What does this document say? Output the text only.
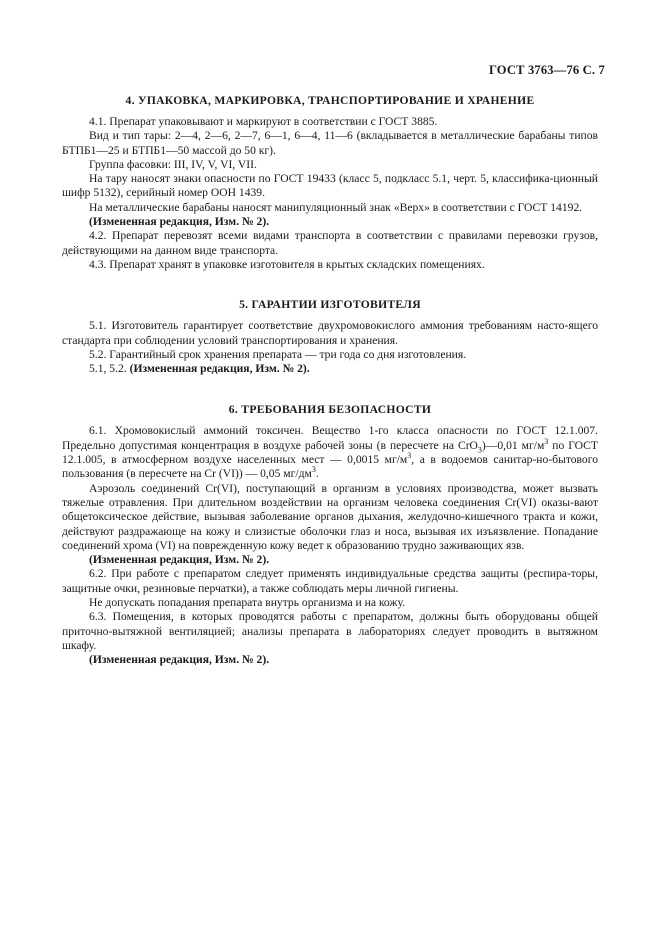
ГОСТ 3763—76 С. 7
4. УПАКОВКА, МАРКИРОВКА, ТРАНСПОРТИРОВАНИЕ И ХРАНЕНИЕ

4.1. Препарат упаковывают и маркируют в соответствии с ГОСТ 3885.

Вид и тип тары: 2—4, 2—6, 2—7, 6—1, 6—4, 11—6 (вкладывается в металлические барабаны типов БТПБ1—25 и БТПБ1—50 массой до 50 кг).

Группа фасовки: III, IV, V, VI, VII.

На тару наносят знаки опасности по ГОСТ 19433 (класс 5, подкласс 5.1, черт. 5, классифика-ционный шифр 5132), серийный номер ООН 1439.

На металлические барабаны наносят манипуляционный знак «Верх» в соответствии с ГОСТ 14192.

(Измененная редакция, Изм. № 2).

4.2. Препарат перевозят всеми видами транспорта в соответствии с правилами перевозки грузов, действующими на данном виде транспорта.

4.3. Препарат хранят в упаковке изготовителя в крытых складских помещениях.

5. ГАРАНТИИ ИЗГОТОВИТЕЛЯ

5.1. Изготовитель гарантирует соответствие двухромовокислого аммония требованиям насто-ящего стандарта при соблюдении условий транспортирования и хранения.

5.2. Гарантийный срок хранения препарата — три года со дня изготовления.

5.1, 5.2. (Измененная редакция, Изм. № 2).

6. ТРЕБОВАНИЯ БЕЗОПАСНОСТИ

6.1. Хромовокислый аммоний токсичен. Вещество 1-го класса опасности по ГОСТ 12.1.007. Предельно допустимая концентрация в воздухе рабочей зоны (в пересчете на CrO$_3$)—0,01 $мг/м^3$ по ГОСТ 12.1.005, в атмосферном воздухе населенных мест — 0,0015 $мг/м^3$, а в водоемов санитар-но-бытового пользования (в пересчете на Cr (VI)) — 0,05 $мг/дм^3$.

Аэрозоль соединений Cr(VI), поступающий в организм в условиях производства, может вызвать тяжелые отравления. При длительном воздействии на организм человека соединения Cr(VI) оказы-вают общетоксическое действие, вызывая заболевание органов дыхания, желудочно-кишечного тракта и кожи, действуют раздражающе на кожу и слизистые оболочки глаз и носа, вызывая их изъязвление. Попадание соединений хрома (VI) на поврежденную кожу ведет к образованию трудно заживающих язв.

(Измененная редакция, Изм. № 2).

6.2. При работе с препаратом следует применять индивидуальные средства защиты (респира-торы, защитные очки, резиновые перчатки), а также соблюдать меры личной гигиены.

Не допускать попадания препарата внутрь организма и на кожу.

6.3. Помещения, в которых проводятся работы с препаратом, должны быть оборудованы общей приточно-вытяжной вентиляцией; анализы препарата в лабораториях следует проводить в вытяжном шкафу.

(Измененная редакция, Изм. № 2).
